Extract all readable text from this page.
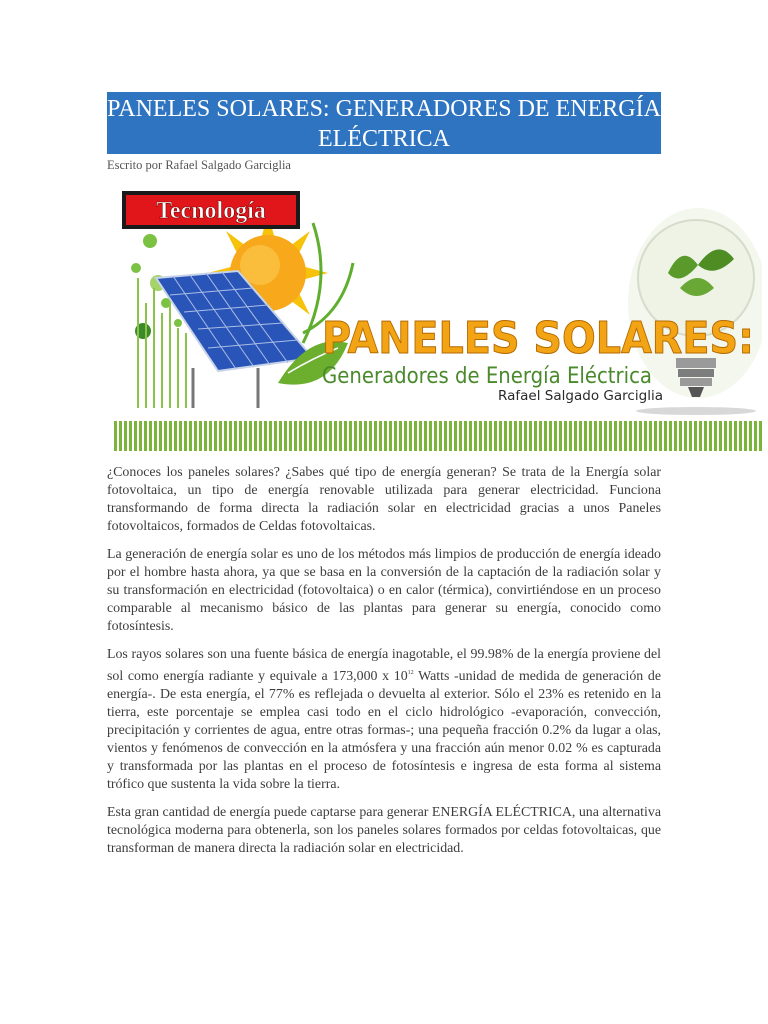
PANELES SOLARES: GENERADORES DE ENERGÍA ELÉCTRICA
Escrito por Rafael Salgado Garciglia
Tecnología
PANELES SOLARES:
Generadores de Energía Eléctrica
Rafael Salgado Garciglia

¿Conoces los paneles solares? ¿Sabes qué tipo de energía generan? Se trata de la Energía solar fotovoltaica, un tipo de energía renovable utilizada para generar electricidad. Funciona transformando de forma directa la radiación solar en electricidad gracias a unos Paneles fotovoltaicos, formados de Celdas fotovoltaicas.

La generación de energía solar es uno de los métodos más limpios de producción de energía ideado por el hombre hasta ahora, ya que se basa en la conversión de la captación de la radiación solar y su transformación en electricidad (fotovoltaica) o en calor (térmica), convirtiéndose en un proceso comparable al mecanismo básico de las plantas para generar su energía, conocido como fotosíntesis.

Los rayos solares son una fuente básica de energía inagotable, el 99.98% de la energía proviene del sol como energía radiante y equivale a 173,000 x $10^{12}$ Watts -unidad de medida de generación de energía-. De esta energía, el 77% es reflejada o devuelta al exterior. Sólo el 23% es retenido en la tierra, este porcentaje se emplea casi todo en el ciclo hidrológico -evaporación, convección, precipitación y corrientes de agua, entre otras formas-; una pequeña fracción 0.2% da lugar a olas, vientos y fenómenos de convección en la atmósfera y una fracción aún menor 0.02 % es capturada y transformada por las plantas en el proceso de fotosíntesis e ingresa de esta forma al sistema trófico que sustenta la vida sobre la tierra.

Esta gran cantidad de energía puede captarse para generar ENERGÍA ELÉCTRICA, una alternativa tecnológica moderna para obtenerla, son los paneles solares formados por celdas fotovoltaicas, que transforman de manera directa la radiación solar en electricidad.
